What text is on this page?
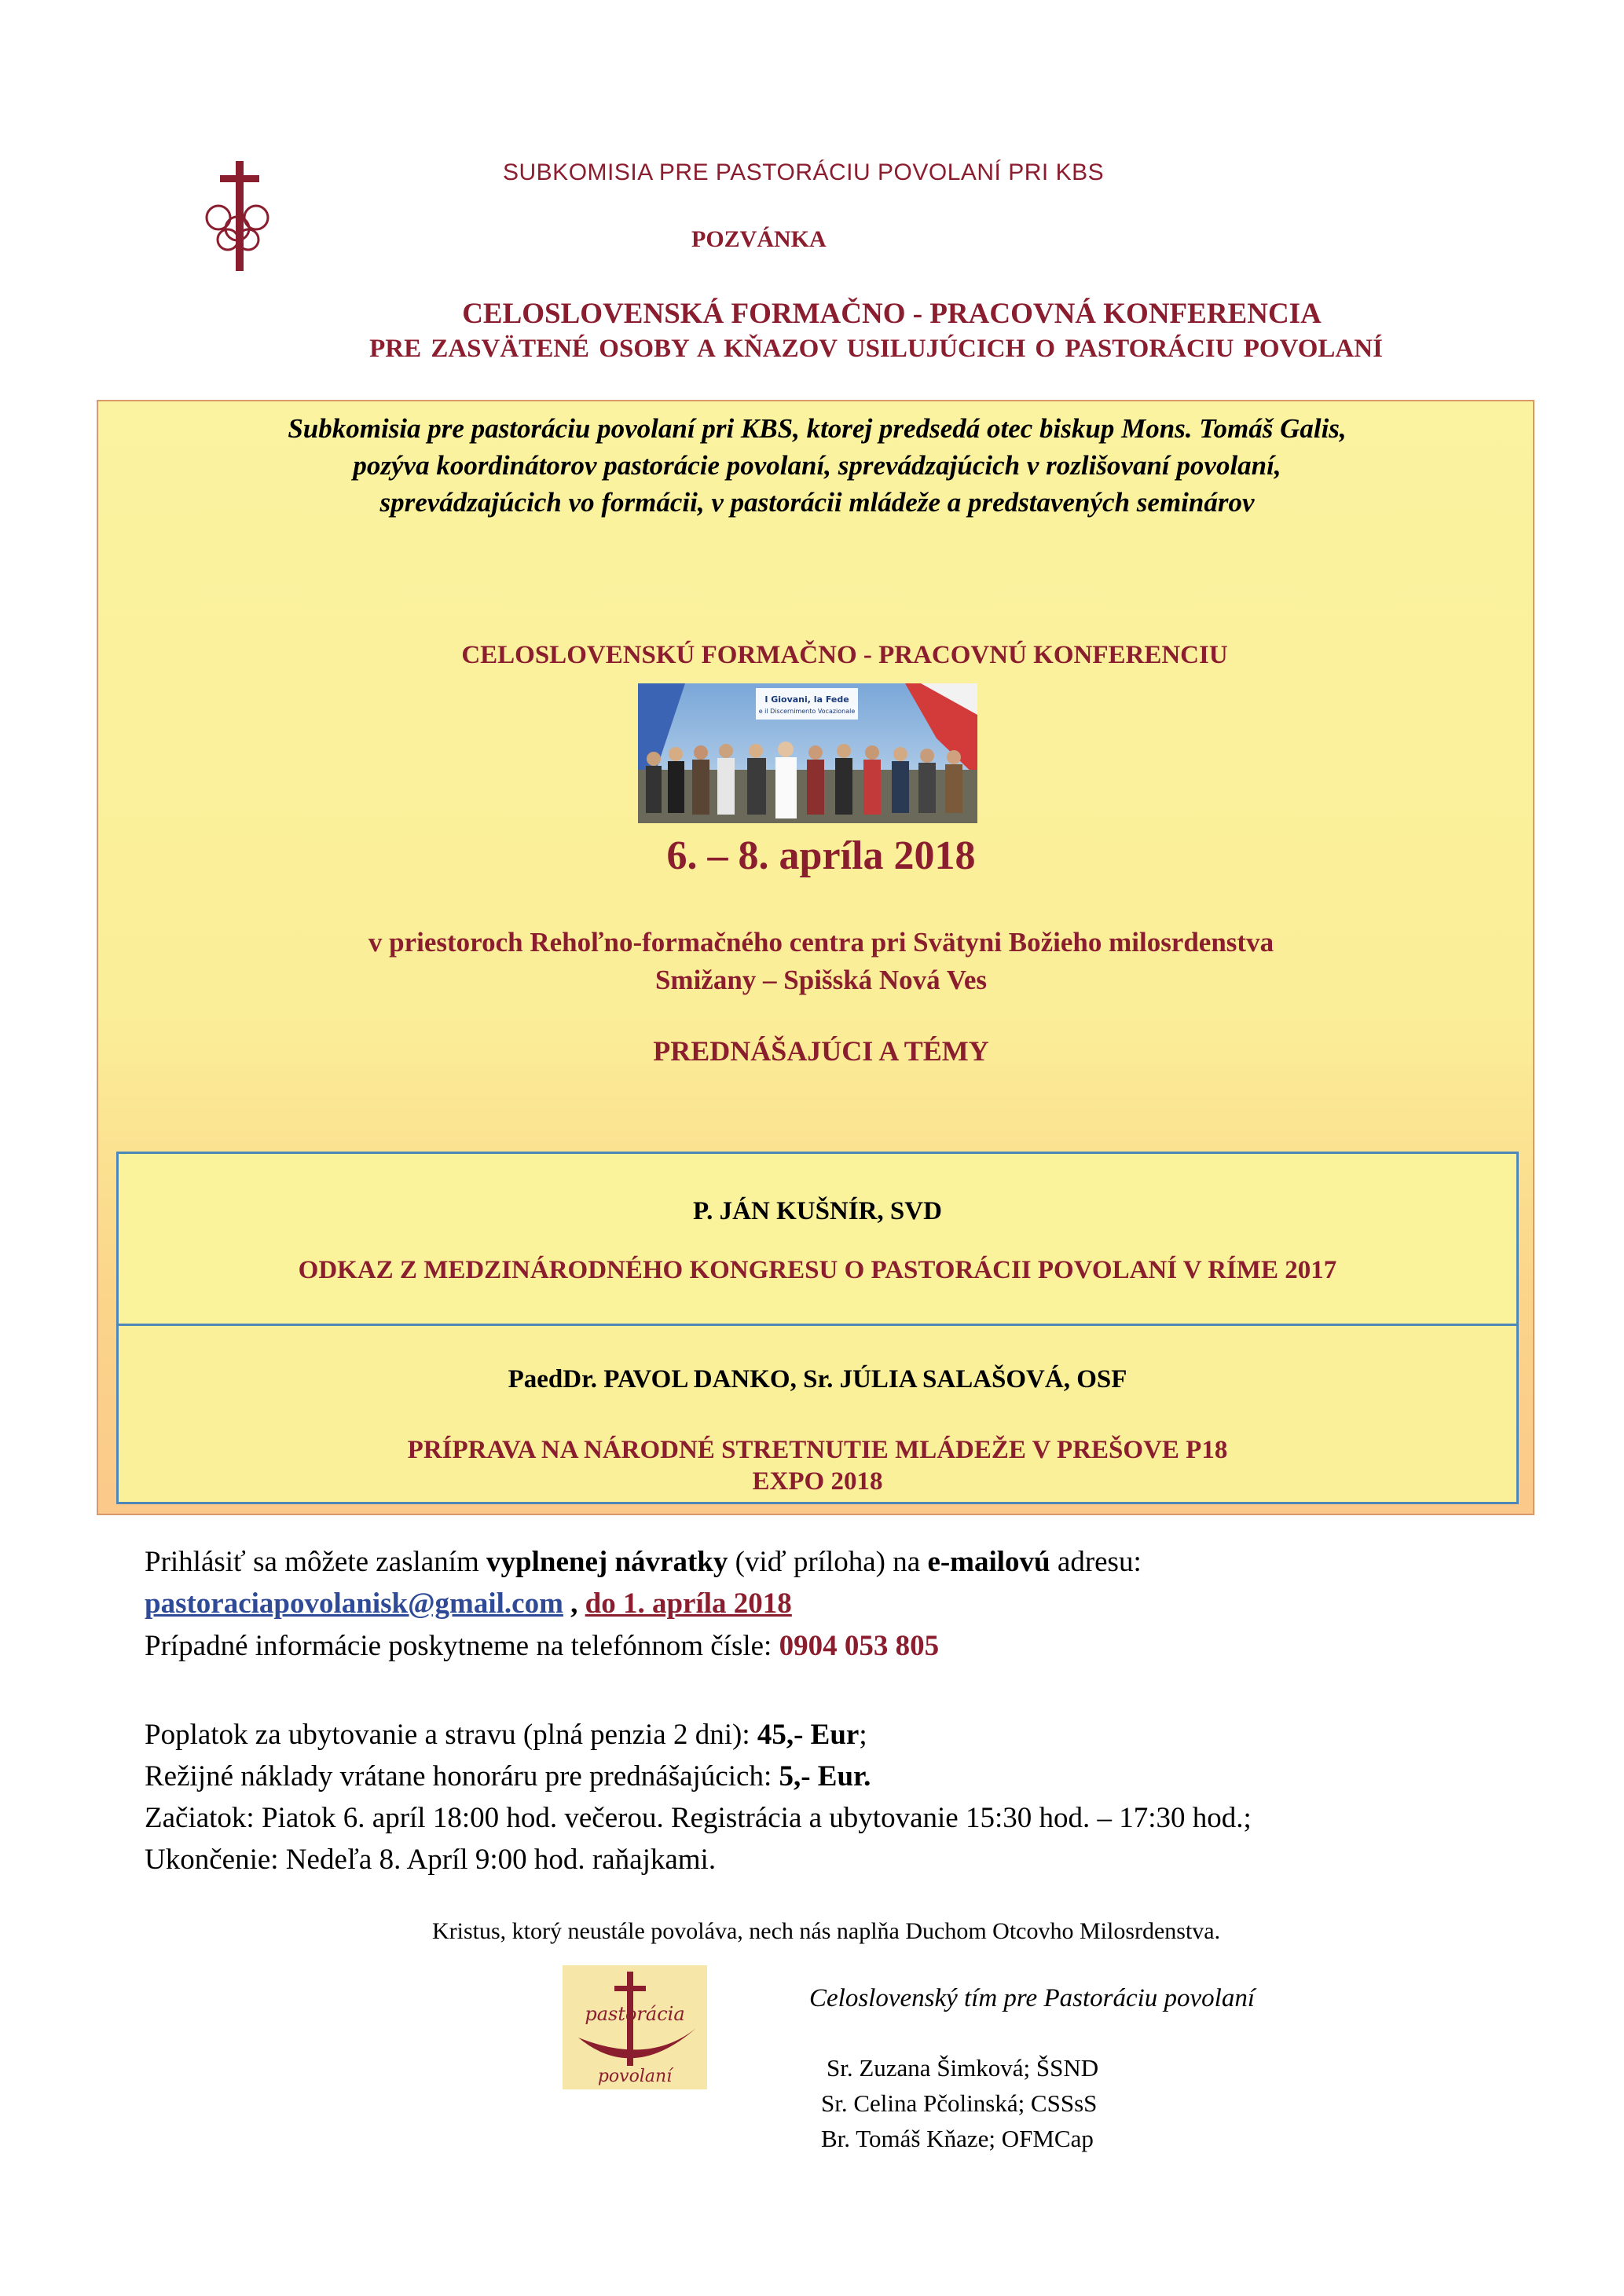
SUBKOMISIA PRE PASTORÁCIU POVOLANÍ PRI KBS
POZVÁNKA
CELOSLOVENSKÁ FORMAČNO - PRACOVNÁ KONFERENCIA
PRE ZASVÄTENÉ OSOBY A KŇAZOV USILUJÚCICH O PASTORÁCIU POVOLANÍ
Subkomisia pre pastoráciu povolaní pri KBS, ktorej predsedá otec biskup Mons. Tomáš Galis,
pozýva koordinátorov pastorácie povolaní, sprevádzajúcich v rozlišovaní povolaní,
sprevádzajúcich vo formácii, v pastorácii mládeže a predstavených seminárov
CELOSLOVENSKÚ FORMAČNO - PRACOVNÚ KONFERENCIU
I Giovani, la Fede
e il Discernimento Vocazionale
6. – 8. apríla 2018
v priestoroch Rehoľno-formačného centra pri Svätyni Božieho milosrdenstva
Smižany – Spišská Nová Ves
PREDNÁŠAJÚCI A TÉMY
P. JÁN KUŠNÍR, SVD
ODKAZ Z MEDZINÁRODNÉHO KONGRESU O PASTORÁCII POVOLANÍ V RÍME 2017
PaedDr. PAVOL DANKO, Sr. JÚLIA SALAŠOVÁ, OSF
PRÍPRAVA NA NÁRODNÉ STRETNUTIE MLÁDEŽE V PREŠOVE P18
EXPO 2018
Prihlásiť sa môžete zaslaním vyplnenej návratky (viď príloha) na e-mailovú adresu:
pastoraciapovolanisk@gmail.com , do 1. apríla 2018
Prípadné informácie poskytneme na telefónnom čísle: 0904 053 805
Poplatok za ubytovanie a stravu (plná penzia 2 dni): 45,- Eur;
Režijné náklady vrátane honoráru pre prednášajúcich: 5,- Eur.
Začiatok: Piatok 6. apríl 18:00 hod. večerou. Registrácia a ubytovanie 15:30 hod. – 17:30 hod.;
Ukončenie: Nedeľa 8. Apríl 9:00 hod. raňajkami.
Kristus, ktorý neustále povoláva, nech nás naplňa Duchom Otcovho Milosrdenstva.
pastorácia
povolaní
Celoslovenský tím pre Pastoráciu povolaní
Sr. Zuzana Šimková; ŠSND
Sr. Celina Pčolinská; CSSsS
Br. Tomáš Kňaze; OFMCap
